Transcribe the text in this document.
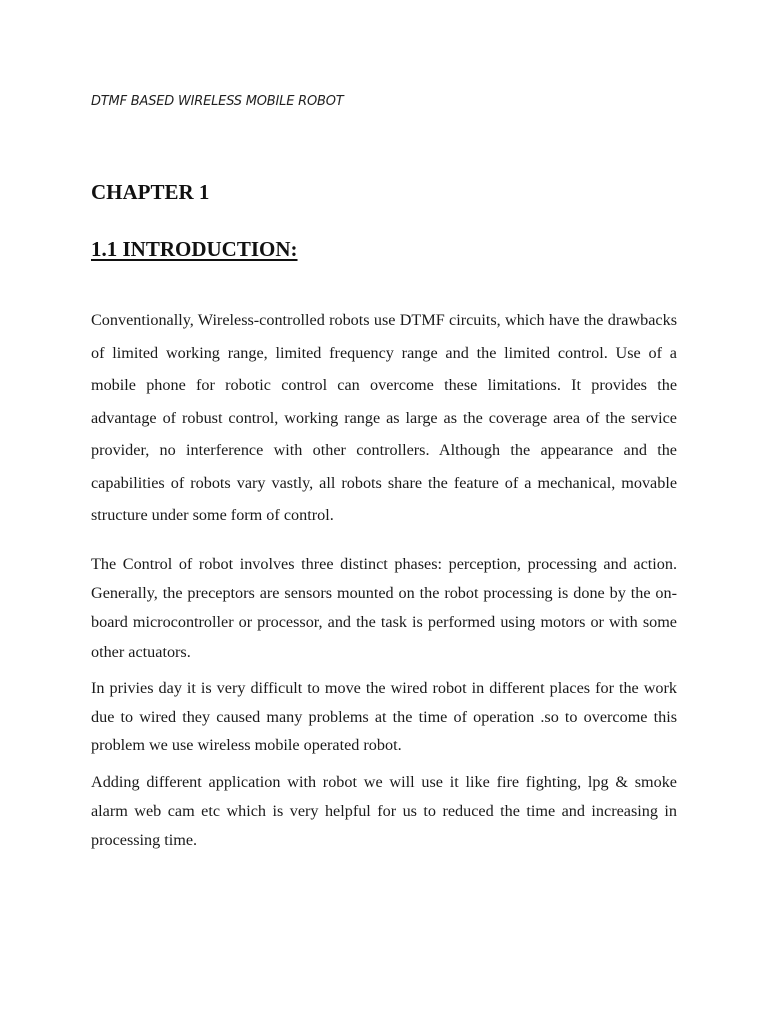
DTMF BASED WIRELESS MOBILE ROBOT
CHAPTER 1
1.1 INTRODUCTION:

Conventionally, Wireless-controlled robots use DTMF circuits, which have the drawbacks of limited working range, limited frequency range and the limited control. Use of a mobile phone for robotic control can overcome these limitations. It provides the advantage of robust control, working range as large as the coverage area of the service provider, no interference with other controllers. Although the appearance and the capabilities of robots vary vastly, all robots share the feature of a mechanical, movable structure under some form of control.

The Control of robot involves three distinct phases: perception, processing and action. Generally, the preceptors are sensors mounted on the robot processing is done by the on- board microcontroller or processor, and the task is performed using motors or with some other actuators.

In privies day it is very difficult to move the wired robot in different places for the work due to wired they caused many problems at the time of operation .so to overcome this problem we use wireless mobile operated robot.

Adding different application with robot we will use it like fire fighting, lpg & smoke alarm web cam etc which is very helpful for us to reduced the time and increasing in processing time.
